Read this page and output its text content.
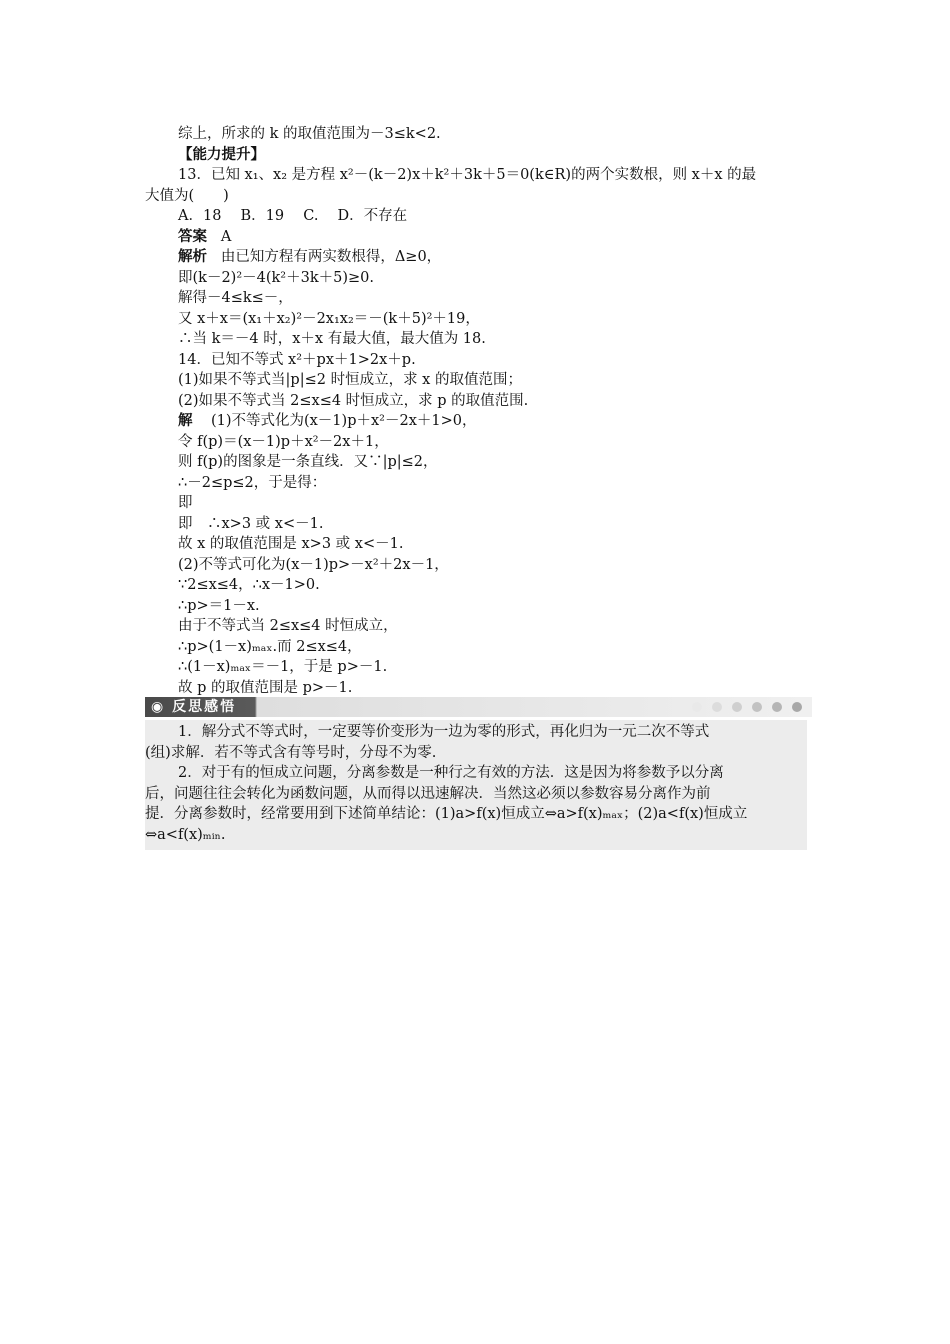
综上，所求的 k 的取值范围为－3≤k<2.
【能力提升】
13．已知 x₁、x₂ 是方程 x²－(k－2)x＋k²＋3k＋5＝0(k∈R)的两个实数根，则 x＋x 的最
大值为(　　)
A．18　 B．19　 C.　 D．不存在
答案 A
解析 由已知方程有两实数根得，Δ≥0，
即(k－2)²－4(k²＋3k＋5)≥0.
解得－4≤k≤－，
又 x＋x＝(x₁＋x₂)²－2x₁x₂＝－(k＋5)²＋19，
∴当 k＝－4 时，x＋x 有最大值，最大值为 18.
14．已知不等式 x²＋px＋1>2x＋p.
(1)如果不等式当|p|≤2 时恒成立，求 x 的取值范围；
(2)如果不等式当 2≤x≤4 时恒成立，求 p 的取值范围.
解 (1)不等式化为(x－1)p＋x²－2x＋1>0，
令 f(p)＝(x－1)p＋x²－2x＋1，
则 f(p)的图象是一条直线．又∵|p|≤2，
∴－2≤p≤2，于是得：
即
即　∴x>3 或 x<－1.
故 x 的取值范围是 x>3 或 x<－1.
(2)不等式可化为(x－1)p>－x²＋2x－1，
∵2≤x≤4，∴x－1>0.
∴p>＝1－x.
由于不等式当 2≤x≤4 时恒成立，
∴p>(1－x)ₘₐₓ.而 2≤x≤4，
∴(1－x)ₘₐₓ＝－1，于是 p>－1.
故 p 的取值范围是 p>－1.
◉ 反思感悟
1．解分式不等式时，一定要等价变形为一边为零的形式，再化归为一元二次不等式
(组)求解．若不等式含有等号时，分母不为零.
2．对于有的恒成立问题，分离参数是一种行之有效的方法．这是因为将参数予以分离
后，问题往往会转化为函数问题，从而得以迅速解决．当然这必须以参数容易分离作为前
提．分离参数时，经常要用到下述简单结论：(1)a>f(x)恒成立⇔a>f(x)ₘₐₓ；(2)a<f(x)恒成立
⇔a<f(x)ₘᵢₙ.
